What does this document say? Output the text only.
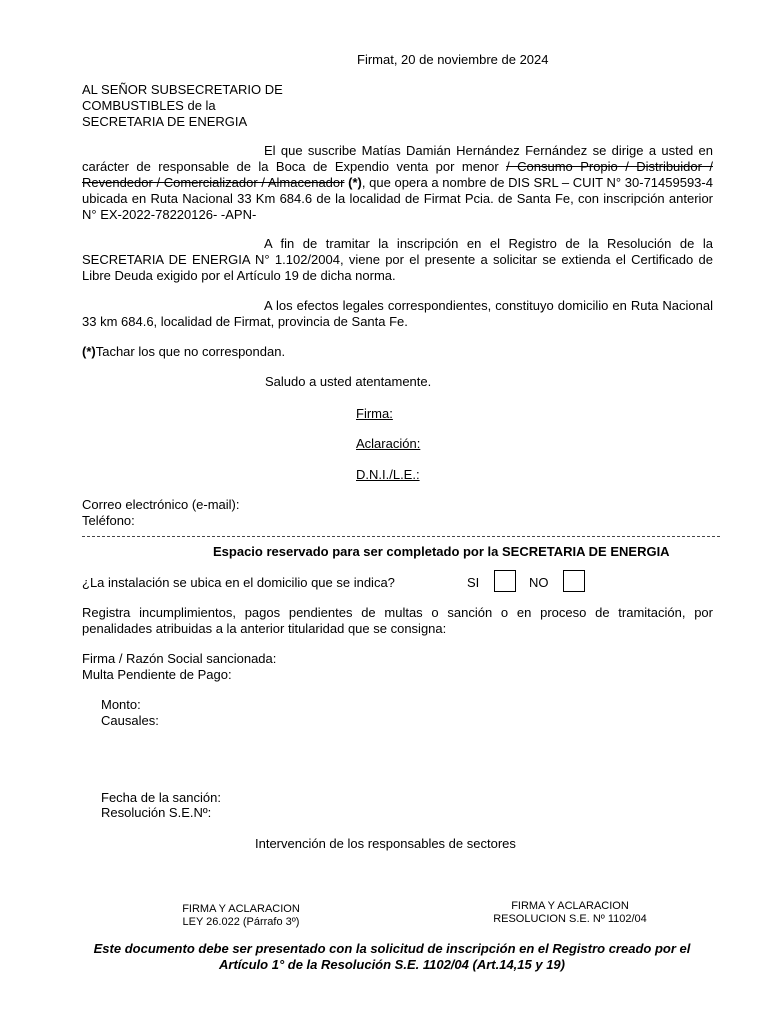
Firmat, 20 de noviembre de 2024

AL SEÑOR SUBSECRETARIO DE
COMBUSTIBLES de la
SECRETARIA DE ENERGIA

El que suscribe Matías Damián Hernández Fernández se dirige a usted en carácter de responsable de la Boca de Expendio venta por menor / Consumo Propio / Distribuidor / Revendedor / Comercializador / Almacenador (*), que opera a nombre de DIS SRL – CUIT N° 30-71459593-4 ubicada en Ruta Nacional 33 Km 684.6 de la localidad de Firmat Pcia. de Santa Fe, con inscripción anterior N° EX-2022-78220126- -APN-

A fin de tramitar la inscripción en el Registro de la Resolución de la SECRETARIA DE ENERGIA N° 1.102/2004, viene por el presente a solicitar se extienda el Certificado de Libre Deuda exigido por el Artículo 19 de dicha norma.

A los efectos legales correspondientes, constituyo domicilio en Ruta Nacional 33 km 684.6, localidad de Firmat, provincia de Santa Fe.

(*)Tachar los que no correspondan.

Saludo a usted atentamente.

Firma:

Aclaración:

D.N.I./L.E.:

Correo electrónico (e-mail):

Teléfono:

Espacio reservado para ser completado por la SECRETARIA DE ENERGIA

¿La instalación se ubica en el domicilio que se indica?	SI	NO

Registra incumplimientos, pagos pendientes de multas o sanción o en proceso de tramitación, por penalidades atribuidas a la anterior titularidad que se consigna:

Firma / Razón Social sancionada:

Multa Pendiente de Pago:

Monto:

Causales:

Fecha de la sanción:

Resolución S.E.Nº:

Intervención de los responsables de sectores

FIRMA Y ACLARACION
LEY 26.022 (Párrafo 3º)
FIRMA Y ACLARACION
RESOLUCION S.E. Nº 1102/04
Este documento debe ser presentado con la solicitud de inscripción en el Registro creado por el
Artículo 1° de la Resolución S.E. 1102/04 (Art.14,15 y 19)
